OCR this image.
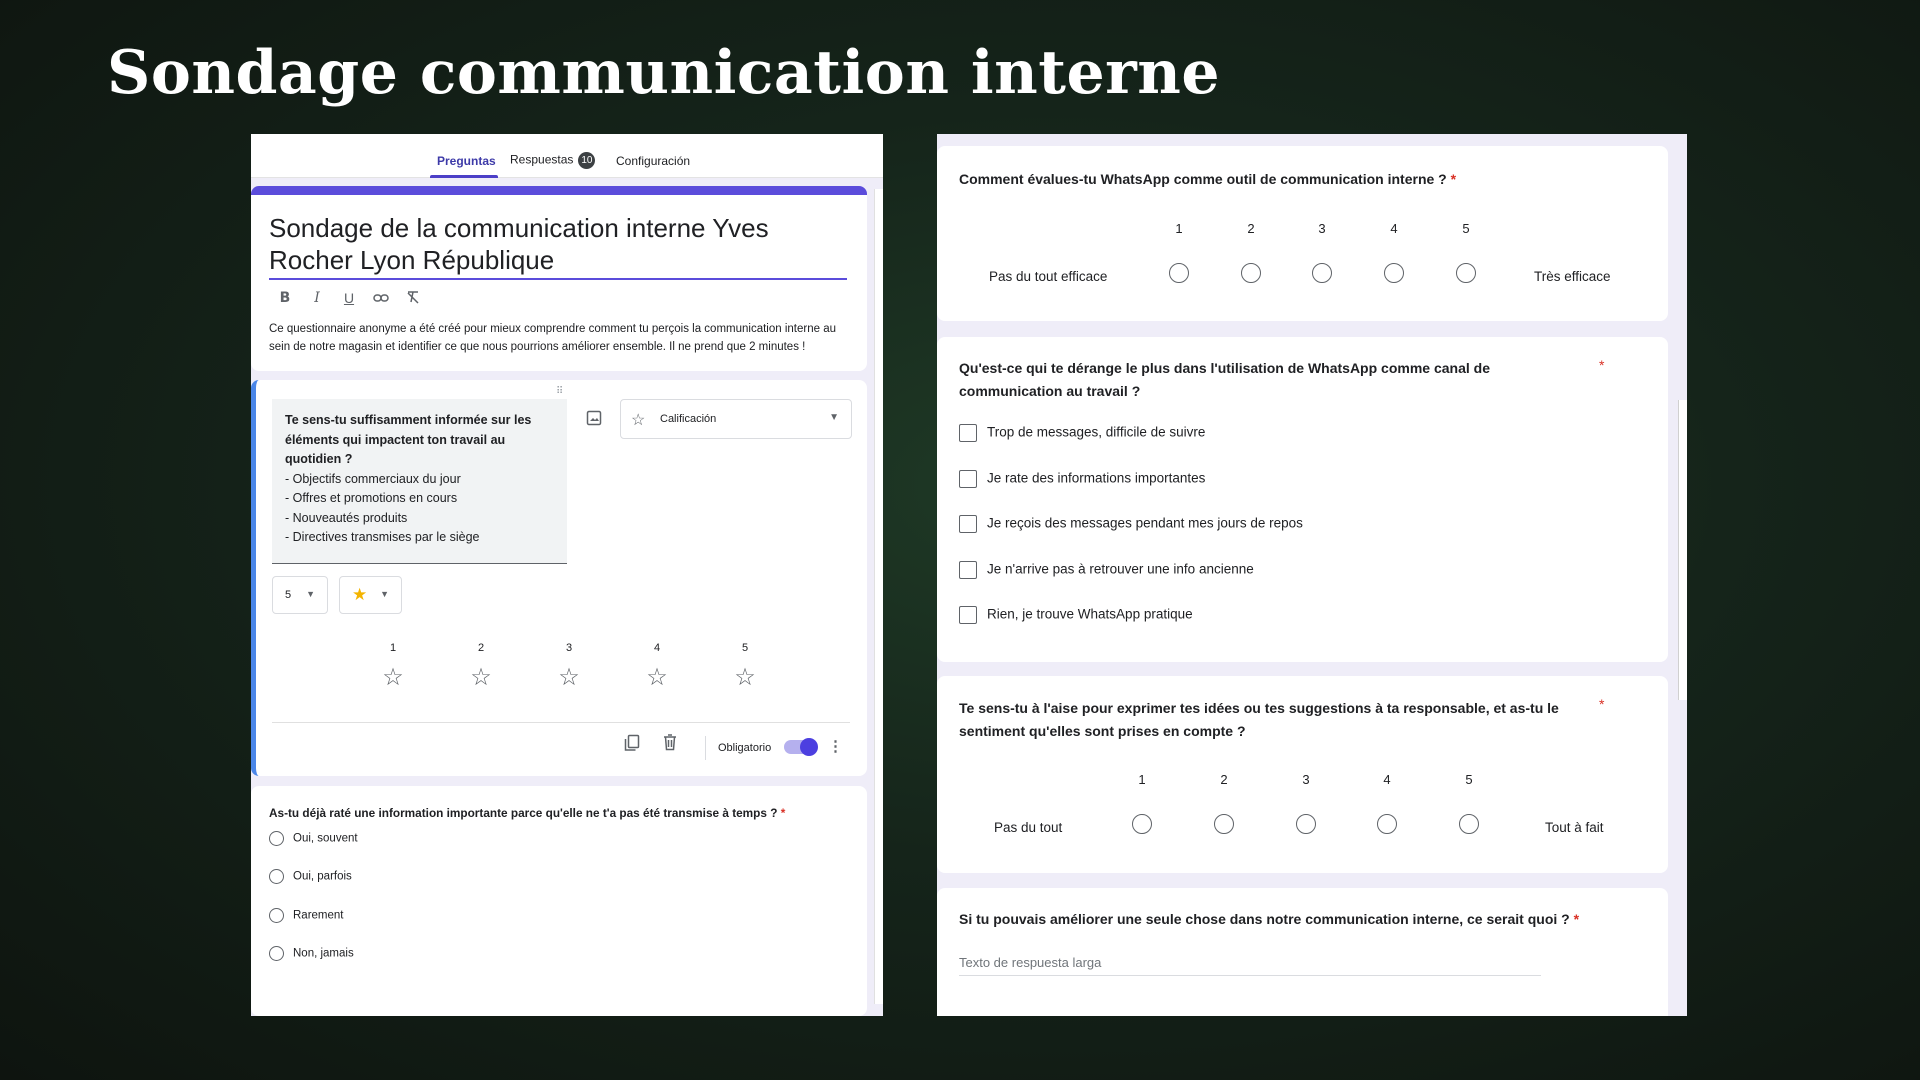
Sondage communication interne
Preguntas Respuestas 10 Configuración
Sondage de la communication interne Yves Rocher Lyon République
B	I	U
Ce questionnaire anonyme a été créé pour mieux comprendre comment tu perçois la communication interne au sein de notre magasin et identifier ce que nous pourrions améliorer ensemble. Il ne prend que 2 minutes !
⠿
Te sens-tu suffisamment informée sur les éléments qui impactent ton travail au quotidien ?
- Objectifs commerciaux du jour
- Offres et promotions en cours
- Nouveautés produits
- Directives transmises par le siège
☆ Calificación	▼
5 ▼ ★ ▼
1	2	3	4	5
☆	☆	☆	☆	☆
Obligatorio	⋮
As-tu déjà raté une information importante parce qu'elle ne t'a pas été transmise à temps ? *
Oui, souvent
Oui, parfois
Rarement
Non, jamais
Comment évalues-tu WhatsApp comme outil de communication interne ? *
1	2	3	4	5
Pas du tout efficace	Très efficace
Qu'est-ce qui te dérange le plus dans l'utilisation de WhatsApp comme canal de communication au travail ?
*
Trop de messages, difficile de suivre
Je rate des informations importantes
Je reçois des messages pendant mes jours de repos
Je n'arrive pas à retrouver une info ancienne
Rien, je trouve WhatsApp pratique
Te sens-tu à l'aise pour exprimer tes idées ou tes suggestions à ta responsable, et as-tu le sentiment qu'elles sont prises en compte ?
*
1	2	3	4	5
Pas du tout	Tout à fait
Si tu pouvais améliorer une seule chose dans notre communication interne, ce serait quoi ? *
Texto de respuesta larga
